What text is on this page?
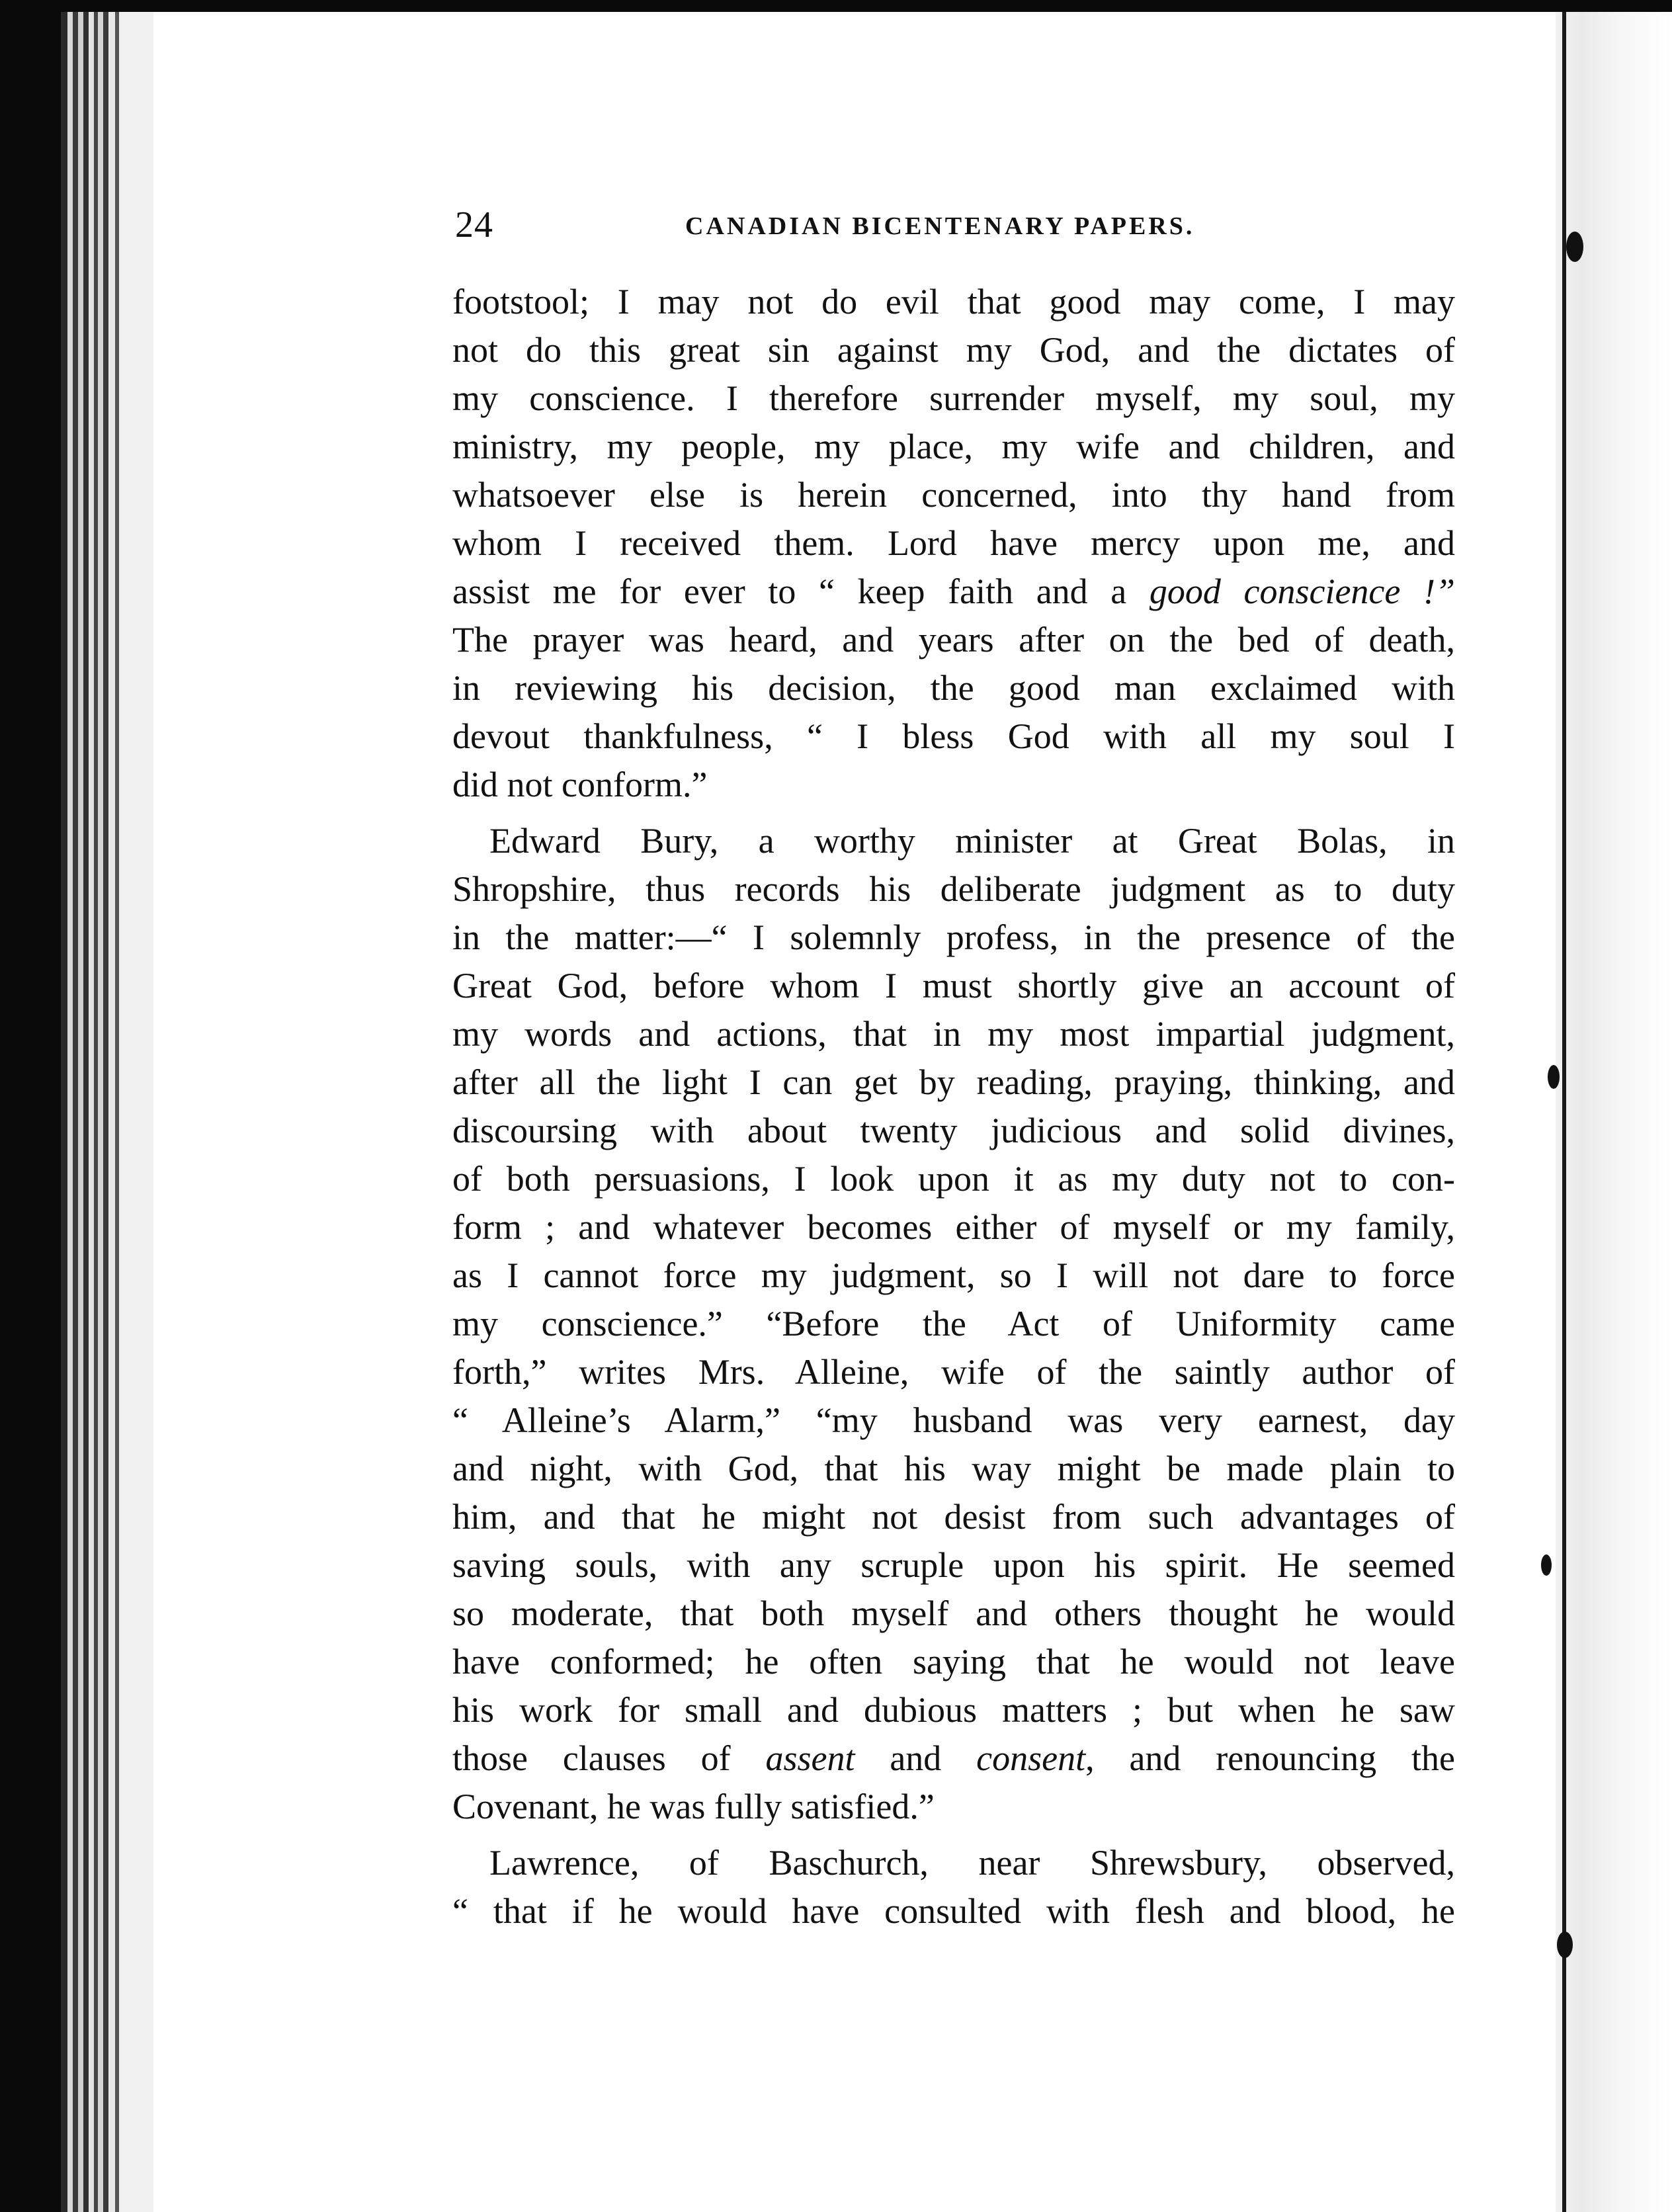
24	CANADIAN BICENTENARY PAPERS.
footstool; I may not do evil that good may come, I may
not do this great sin against my God, and the dictates of
my conscience. I therefore surrender myself, my soul, my
ministry, my people, my place, my wife and children, and
whatsoever else is herein concerned, into thy hand from
whom I received them. Lord have mercy upon me, and
assist me for ever to “ keep faith and a good conscience !”
The prayer was heard, and years after on the bed of death,
in reviewing his decision, the good man exclaimed with
devout thankfulness, “ I bless God with all my soul I
did not conform.”
Edward Bury, a worthy minister at Great Bolas, in
Shropshire, thus records his deliberate judgment as to duty
in the matter:—“ I solemnly profess, in the presence of the
Great God, before whom I must shortly give an account of
my words and actions, that in my most impartial judgment,
after all the light I can get by reading, praying, thinking, and
discoursing with about twenty judicious and solid divines,
of both persuasions, I look upon it as my duty not to con-
form ; and whatever becomes either of myself or my family,
as I cannot force my judgment, so I will not dare to force
my conscience.” “Before the Act of Uniformity came
forth,” writes Mrs. Alleine, wife of the saintly author of
“ Alleine’s Alarm,” “my husband was very earnest, day
and night, with God, that his way might be made plain to
him, and that he might not desist from such advantages of
saving souls, with any scruple upon his spirit. He seemed
so moderate, that both myself and others thought he would
have conformed; he often saying that he would not leave
his work for small and dubious matters ; but when he saw
those clauses of assent and consent, and renouncing the
Covenant, he was fully satisfied.”
Lawrence, of Baschurch, near Shrewsbury, observed,
“ that if he would have consulted with flesh and blood, he
